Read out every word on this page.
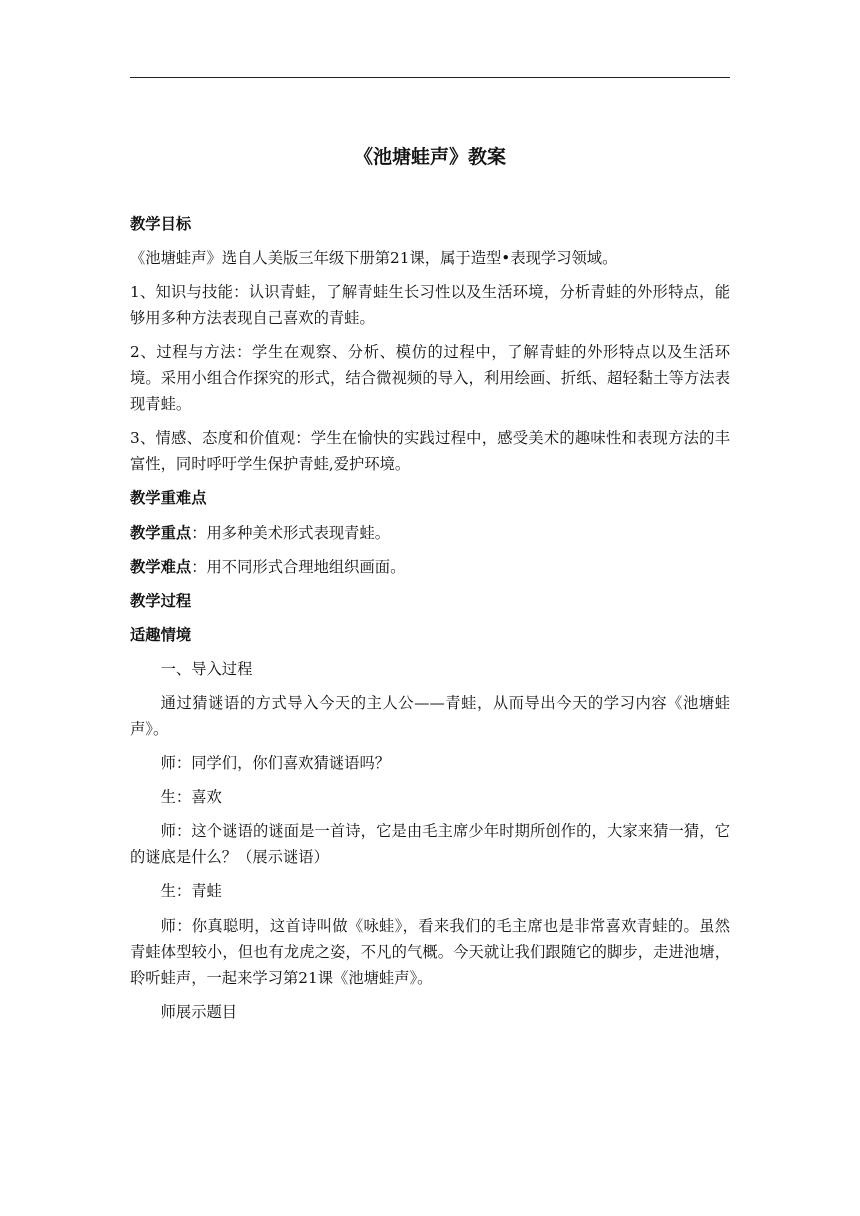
《池塘蛙声》教案

教学目标

《池塘蛙声》选自人美版三年级下册第21课，属于造型•表现学习领域。

1、知识与技能：认识青蛙，了解青蛙生长习性以及生活环境，分析青蛙的外形特点，能够用多种方法表现自己喜欢的青蛙。

2、过程与方法：学生在观察、分析、模仿的过程中，了解青蛙的外形特点以及生活环境。采用小组合作探究的形式，结合微视频的导入，利用绘画、折纸、超轻黏土等方法表现青蛙。

3、情感、态度和价值观：学生在愉快的实践过程中，感受美术的趣味性和表现方法的丰富性，同时呼吁学生保护青蛙,爱护环境。

教学重难点

教学重点：用多种美术形式表现青蛙。

教学难点：用不同形式合理地组织画面。

教学过程

适趣情境

一、导入过程

通过猜谜语的方式导入今天的主人公——青蛙，从而导出今天的学习内容《池塘蛙声》。

师：同学们，你们喜欢猜谜语吗？

生：喜欢

师：这个谜语的谜面是一首诗，它是由毛主席少年时期所创作的，大家来猜一猜，它的谜底是什么？（展示谜语）

生：青蛙

师：你真聪明，这首诗叫做《咏蛙》，看来我们的毛主席也是非常喜欢青蛙的。虽然青蛙体型较小，但也有龙虎之姿，不凡的气概。今天就让我们跟随它的脚步，走进池塘，聆听蛙声，一起来学习第21课《池塘蛙声》。

师展示题目
